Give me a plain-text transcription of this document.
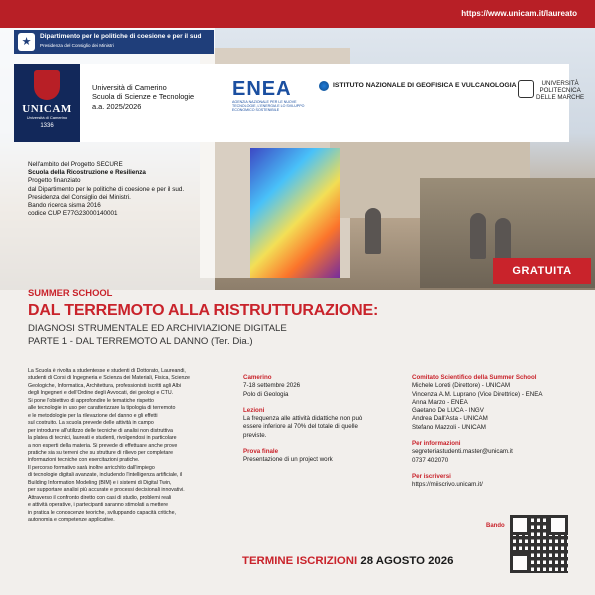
https://www.unicam.it/laureato
★	Dipartimento per le politiche di coesione e per il sud
Presidenza del Consiglio dei Ministri
UNICAM
Università di Camerino
1336
Università di Camerino
Scuola di Scienze e Tecnologie
a.a. 2025/2026
ENEA
AGENZIA NAZIONALE PER LE NUOVE TECNOLOGIE, L'ENERGIA E LO SVILUPPO ECONOMICO SOSTENIBILE
ISTITUTO NAZIONALE DI GEOFISICA E VULCANOLOGIA	UNIVERSITÀ
POLITECNICA
DELLE MARCHE
Nell'ambito del Progetto SECURE
Scuola della Ricostruzione e Resilienza
Progetto finanziato
dal Dipartimento per le politiche di coesione e per il sud.
Presidenza del Consiglio dei Ministri.
Bando ricerca sisma 2016
codice CUP E77G23000140001
GRATUITA
SUMMER SCHOOL
DAL TERREMOTO ALLA RISTRUTTURAZIONE:
DIAGNOSI STRUMENTALE ED ARCHIVIAZIONE DIGITALE
PARTE 1 - DAL TERREMOTO AL DANNO (Ter. Dia.)
La Scuola è rivolta a studentesse e studenti di Dottorato, Laureandi,
studenti di Corsi di Ingegneria e Scienza dei Materiali, Fisica, Scienze
Geologiche, Informatica, Architettura, professionisti iscritti agli Albi
degli Ingegneri e dell'Ordine degli Avvocati, dei geologi e CTU.
Si pone l'obiettivo di approfondire le tematiche rispetto
alle tecnologie in uso per caratterizzare la tipologia di terremoto
e le metodologie per la rilevazione del danno e gli effetti
sul costruito. La scuola prevede delle attività in campo
per introdurre all'utilizzo delle tecniche di analisi non distruttiva
la platea di tecnici, laureati e studenti, rivolgendosi in particolare
a non esperti della materia. Si prevede di effettuare anche prove
pratiche sia su terreni che su strutture di rilievo per completare
informazioni tecniche con esercitazioni pratiche.
Il percorso formativo sarà inoltre arricchito dall'impiego
di tecnologie digitali avanzate, includendo l'intelligenza artificiale, il
Building Information Modeling (BIM) e i sistemi di Digital Twin,
per supportare analisi più accurate e processi decisionali innovativi.
Attraverso il confronto diretto con casi di studio, problemi reali
e attività operative, i partecipanti saranno stimolati a mettere
in pratica le conoscenze teoriche, sviluppando capacità critiche,
autonomia e competenze applicative.
Camerino
7-18 settembre 2026
Polo di Geologia
Lezioni
La frequenza alle attività didattiche non può
essere inferiore al 70% del totale di quelle
previste.
Prova finale
Presentazione di un project work
Comitato Scientifico della Summer School
Michele Loreti (Direttore) - UNICAM
Vincenza A.M. Luprano (Vice Direttrice) - ENEA
Anna Marzo - ENEA
Gaetano De LUCA - INGV
Andrea Dall'Asta - UNICAM
Stefano Mazzoli - UNICAM
Per informazioni
segreteriastudenti.master@unicam.it
0737 402070
Per iscriversi
https://miiscrivo.unicam.it/
Bando
TERMINE ISCRIZIONI 28 AGOSTO 2026
